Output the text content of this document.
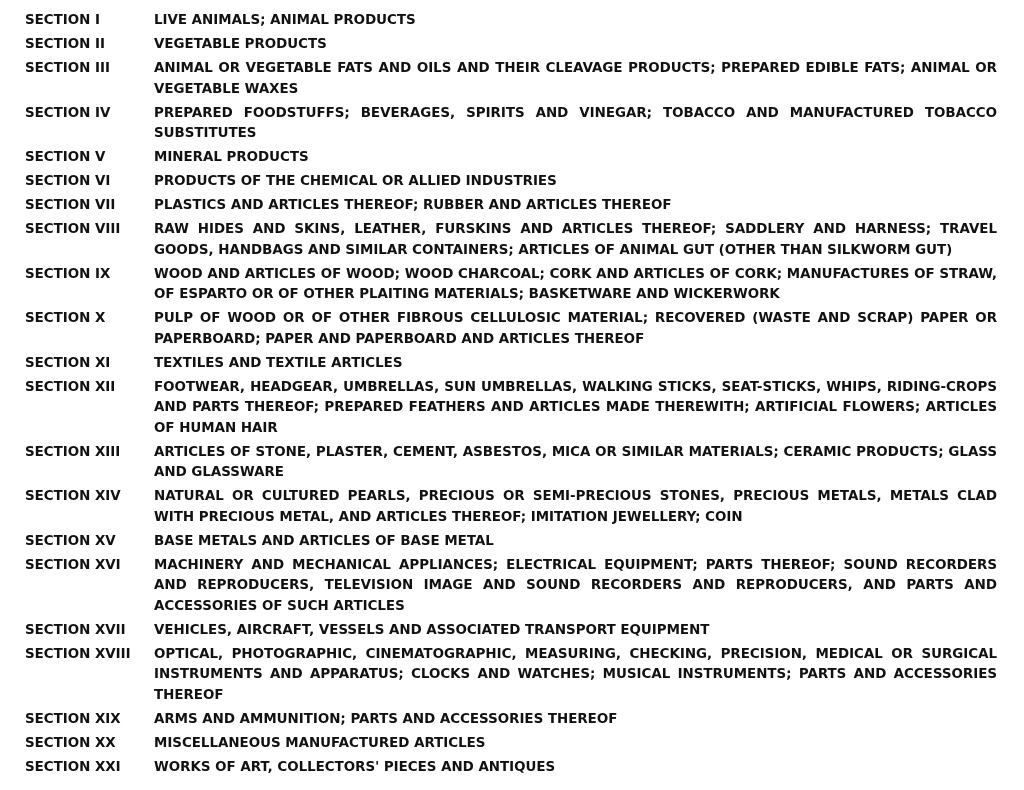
SECTION I	LIVE ANIMALS; ANIMAL PRODUCTS
SECTION II	VEGETABLE PRODUCTS
SECTION III	ANIMAL OR VEGETABLE FATS AND OILS AND THEIR CLEAVAGE PRODUCTS; PREPARED EDIBLE FATS; ANIMAL OR VEGETABLE WAXES
SECTION IV	PREPARED FOODSTUFFS; BEVERAGES, SPIRITS AND VINEGAR; TOBACCO AND MANUFACTURED TOBACCO SUBSTITUTES
SECTION V	MINERAL PRODUCTS
SECTION VI	PRODUCTS OF THE CHEMICAL OR ALLIED INDUSTRIES
SECTION VII	PLASTICS AND ARTICLES THEREOF; RUBBER AND ARTICLES THEREOF
SECTION VIII	RAW HIDES AND SKINS, LEATHER, FURSKINS AND ARTICLES THEREOF; SADDLERY AND HARNESS; TRAVEL GOODS, HANDBAGS AND SIMILAR CONTAINERS; ARTICLES OF ANIMAL GUT (OTHER THAN SILKWORM GUT)
SECTION IX	WOOD AND ARTICLES OF WOOD; WOOD CHARCOAL; CORK AND ARTICLES OF CORK; MANUFACTURES OF STRAW, OF ESPARTO OR OF OTHER PLAITING MATERIALS; BASKETWARE AND WICKERWORK
SECTION X	PULP OF WOOD OR OF OTHER FIBROUS CELLULOSIC MATERIAL; RECOVERED (WASTE AND SCRAP) PAPER OR PAPERBOARD; PAPER AND PAPERBOARD AND ARTICLES THEREOF
SECTION XI	TEXTILES AND TEXTILE ARTICLES
SECTION XII	FOOTWEAR, HEADGEAR, UMBRELLAS, SUN UMBRELLAS, WALKING STICKS, SEAT-STICKS, WHIPS, RIDING-CROPS AND PARTS THEREOF; PREPARED FEATHERS AND ARTICLES MADE THEREWITH; ARTIFICIAL FLOWERS; ARTICLES OF HUMAN HAIR
SECTION XIII	ARTICLES OF STONE, PLASTER, CEMENT, ASBESTOS, MICA OR SIMILAR MATERIALS; CERAMIC PRODUCTS; GLASS AND GLASSWARE
SECTION XIV	NATURAL OR CULTURED PEARLS, PRECIOUS OR SEMI-PRECIOUS STONES, PRECIOUS METALS, METALS CLAD WITH PRECIOUS METAL, AND ARTICLES THEREOF; IMITATION JEWELLERY; COIN
SECTION XV	BASE METALS AND ARTICLES OF BASE METAL
SECTION XVI	MACHINERY AND MECHANICAL APPLIANCES; ELECTRICAL EQUIPMENT; PARTS THEREOF; SOUND RECORDERS AND REPRODUCERS, TELEVISION IMAGE AND SOUND RECORDERS AND REPRODUCERS, AND PARTS AND ACCESSORIES OF SUCH ARTICLES
SECTION XVII	VEHICLES, AIRCRAFT, VESSELS AND ASSOCIATED TRANSPORT EQUIPMENT
SECTION XVIII	OPTICAL, PHOTOGRAPHIC, CINEMATOGRAPHIC, MEASURING, CHECKING, PRECISION, MEDICAL OR SURGICAL INSTRUMENTS AND APPARATUS; CLOCKS AND WATCHES; MUSICAL INSTRUMENTS; PARTS AND ACCESSORIES THEREOF
SECTION XIX	ARMS AND AMMUNITION; PARTS AND ACCESSORIES THEREOF
SECTION XX	MISCELLANEOUS MANUFACTURED ARTICLES
SECTION XXI	WORKS OF ART, COLLECTORS' PIECES AND ANTIQUES
